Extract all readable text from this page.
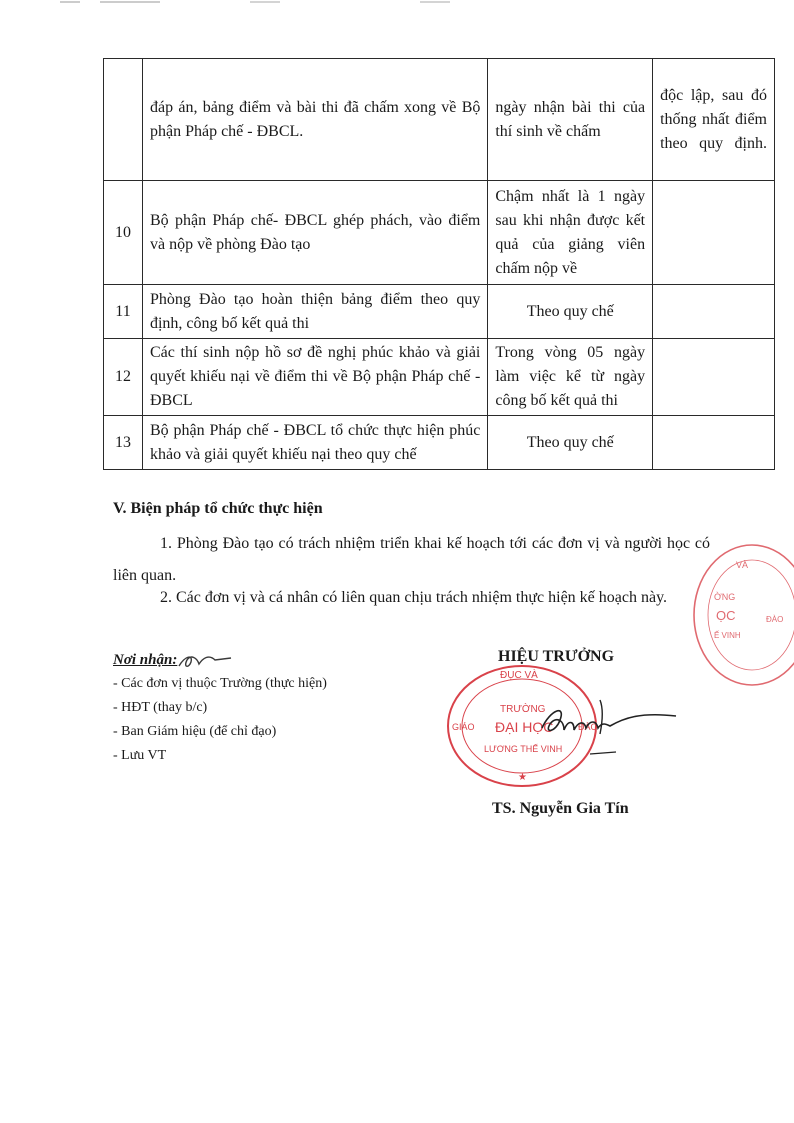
	đáp án, bảng điểm và bài thi đã chấm xong về Bộ phận Pháp chế - ĐBCL.	ngày nhận bài thi của thí sinh về chấm	độc lập, sau đó thống nhất điểm theo quy định.
10	Bộ phận Pháp chế- ĐBCL ghép phách, vào điểm và nộp về phòng Đào tạo	Chậm nhất là 1 ngày sau khi nhận được kết quả của giảng viên chấm nộp về	
11	Phòng Đào tạo hoàn thiện bảng điểm theo quy định, công bố kết quả thi	Theo quy chế	
12	Các thí sinh nộp hồ sơ đề nghị phúc khảo và giải quyết khiếu nại về điểm thi về Bộ phận Pháp chế - ĐBCL	Trong vòng 05 ngày làm việc kể từ ngày công bố kết quả thi	
13	Bộ phận Pháp chế - ĐBCL tổ chức thực hiện phúc khảo và giải quyết khiếu nại theo quy chế	Theo quy chế	

V. Biện pháp tổ chức thực hiện

1. Phòng Đào tạo có trách nhiệm triển khai kế hoạch tới các đơn vị và người học có liên quan.

2. Các đơn vị và cá nhân có liên quan chịu trách nhiệm thực hiện kế hoạch này.

Nơi nhận:
- Các đơn vị thuộc Trường (thực hiện)
- HĐT (thay b/c)
- Ban Giám hiệu (để chỉ đạo)
- Lưu VT
HIỆU TRƯỞNG
ĐỤC VÀ
GIÁO	ĐÀO
TRƯỜNG
ĐẠI HỌC
LƯƠNG THẾ VINH
★
VÀ
ĐÀO
ỜNG
ỌC
Ế VINH
TS. Nguyễn Gia Tín
